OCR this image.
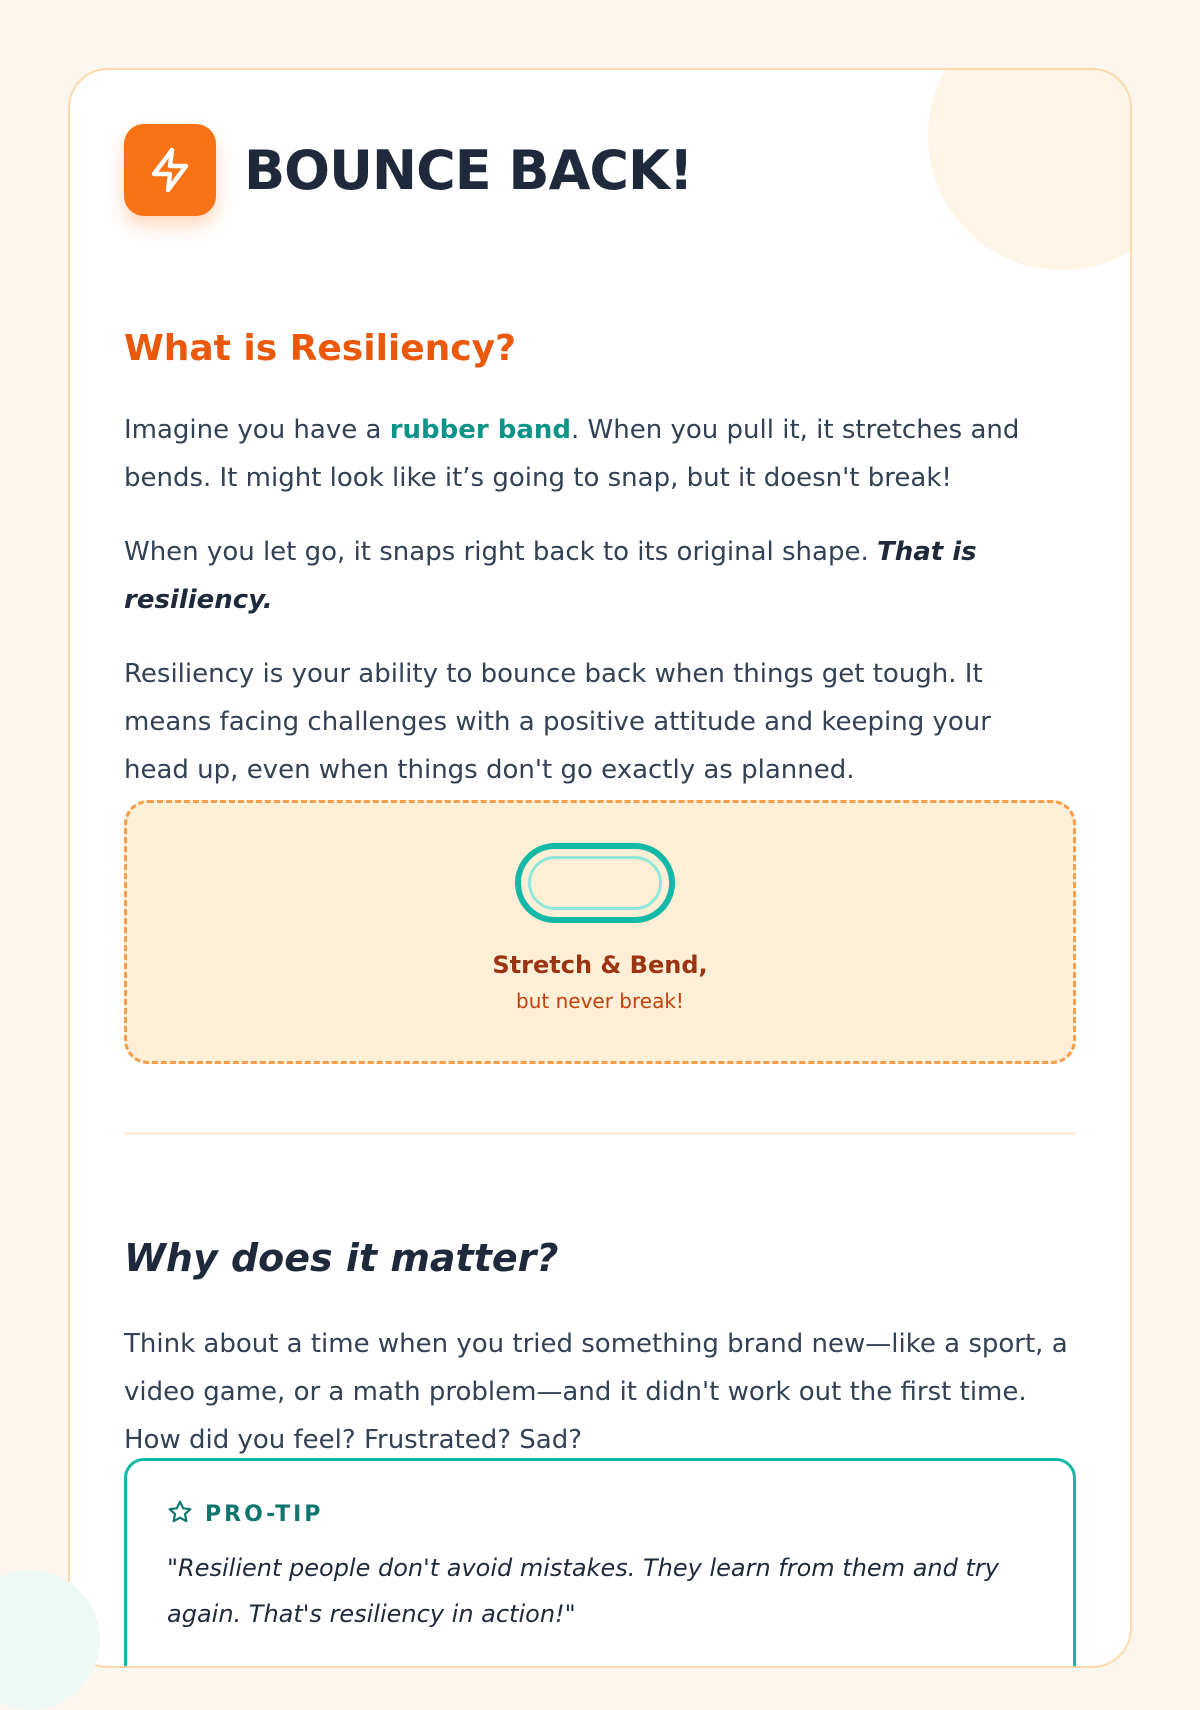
BOUNCE BACK!
What is Resiliency?

Imagine you have a rubber band. When you pull it, it stretches and bends. It might look like it’s going to snap, but it doesn't break!

When you let go, it snaps right back to its original shape. That is resiliency.

Resiliency is your ability to bounce back when things get tough. It means facing challenges with a positive attitude and keeping your head up, even when things don't go exactly as planned.

Stretch & Bend,
but never break!
Why does it matter?

Think about a time when you tried something brand new—like a sport, a video game, or a math problem—and it didn't work out the first time. How did you feel? Frustrated? Sad?

PRO-TIP

"Resilient people don't avoid mistakes. They learn from them and try again. That's resiliency in action!"
